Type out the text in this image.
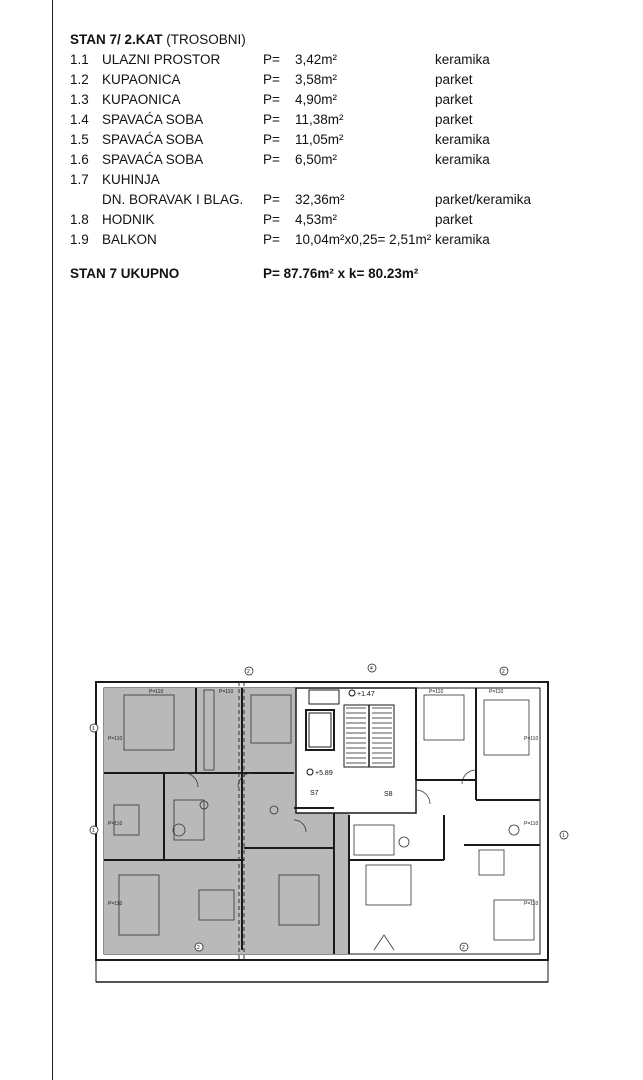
STAN 7/ 2.KAT (TROSOBNI)
1.1 ULAZNI PROSTOR	P= 3,42m²	keramika
1.2 KUPAONICA	P= 3,58m²	parket
1.3 KUPAONICA	P= 4,90m²	parket
1.4 SPAVAĆA SOBA	P= 11,38m²	parket
1.5 SPAVAĆA SOBA	P= 11,05m²	keramika
1.6 SPAVAĆA SOBA	P= 6,50m²	keramika
1.7 KUHINJA
DN. BORAVAK I BLAG. P= 32,36m²	parket/keramika
1.8 HODNIK	P= 4,53m²	parket
1.9 BALKON	P= 10,04m²x0,25= 2,51m² keramika
STAN 7 UKUPNO	P= 87.76m² x k= 80.23m²
P=110	P=110	P=110	P=110
P=110
P=110
P=110
P=110
P=110
P=110
+1.47
+5.89
S7	S8
2	4	2
1
1
1
2	2
